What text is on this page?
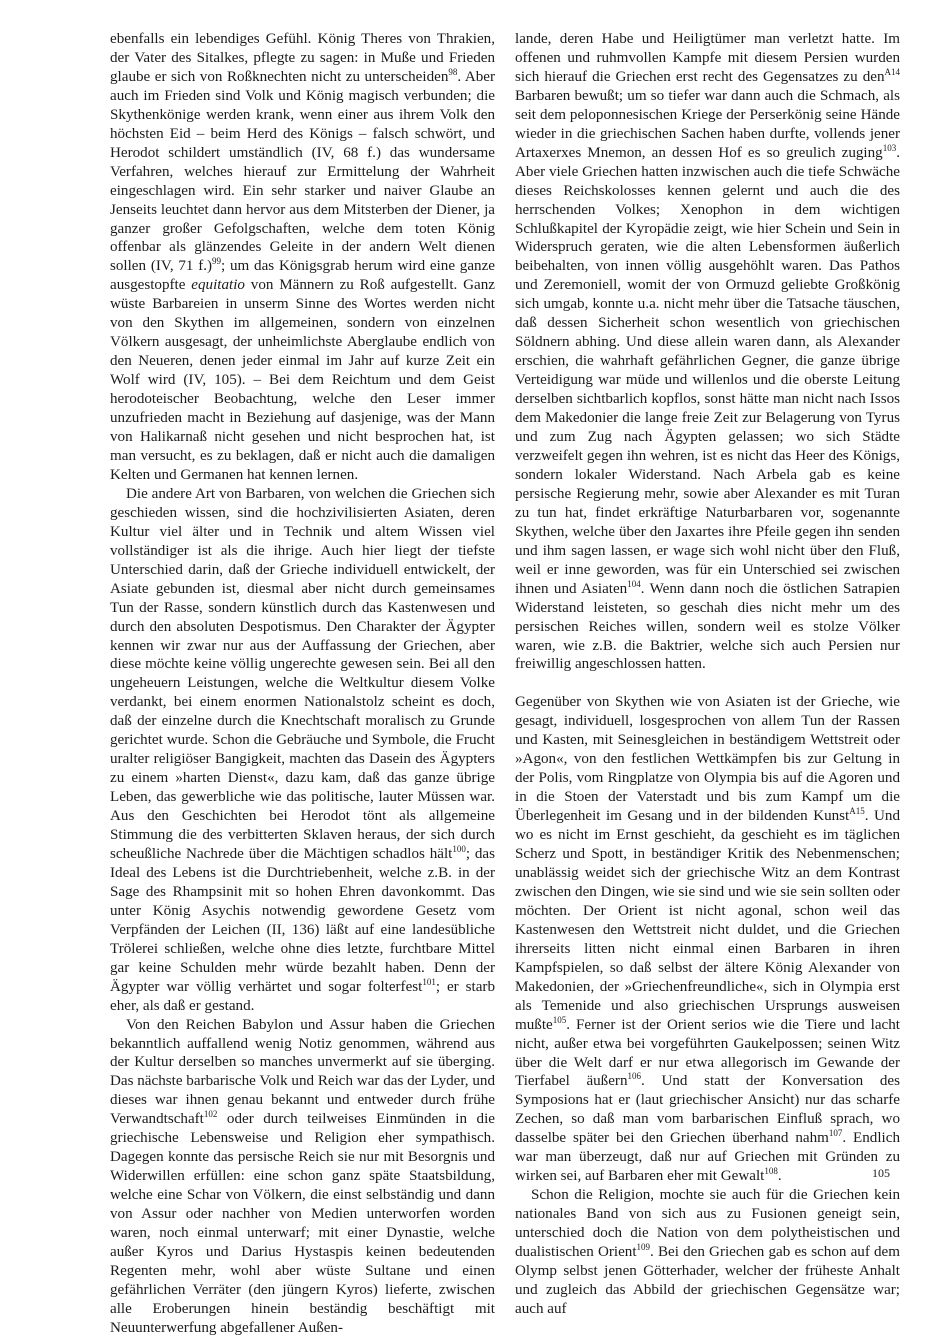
ebenfalls ein lebendiges Gefühl. König Theres von Thrakien, der Vater des Sitalkes, pflegte zu sagen: in Muße und Frieden glaube er sich von Roßknechten nicht zu unterscheiden$^{98}$. Aber auch im Frieden sind Volk und König magisch verbunden; die Skythenkönige werden krank, wenn einer aus ihrem Volk den höchsten Eid – beim Herd des Königs – falsch schwört, und Herodot schildert umständlich (IV, 68 f.) das wundersame Verfahren, welches hierauf zur Ermittelung der Wahrheit eingeschlagen wird. Ein sehr starker und naiver Glaube an Jenseits leuchtet dann hervor aus dem Mitsterben der Diener, ja ganzer großer Gefolgschaften, welche dem toten König offenbar als glänzendes Geleite in der andern Welt dienen sollen (IV, 71 f.)$^{99}$; um das Königsgrab herum wird eine ganze ausgestopfte equitatio von Männern zu Roß aufgestellt. Ganz wüste Barbareien in unserm Sinne des Wortes werden nicht von den Skythen im allgemeinen, sondern von einzelnen Völkern ausgesagt, der unheimlichste Aberglaube endlich von den Neueren, denen jeder einmal im Jahr auf kurze Zeit ein Wolf wird (IV, 105). – Bei dem Reichtum und dem Geist herodoteischer Beobachtung, welche den Leser immer unzufrieden macht in Beziehung auf dasjenige, was der Mann von Halikarnaß nicht gesehen und nicht besprochen hat, ist man versucht, es zu beklagen, daß er nicht auch die damaligen Kelten und Germanen hat kennen lernen.

Die andere Art von Barbaren, von welchen die Griechen sich geschieden wissen, sind die hochzivilisierten Asiaten, deren Kultur viel älter und in Technik und altem Wissen viel vollständiger ist als die ihrige. Auch hier liegt der tiefste Unterschied darin, daß der Grieche individuell entwickelt, der Asiate gebunden ist, diesmal aber nicht durch gemeinsames Tun der Rasse, sondern künstlich durch das Kastenwesen und durch den absoluten Despotismus. Den Charakter der Ägypter kennen wir zwar nur aus der Auffassung der Griechen, aber diese möchte keine völlig ungerechte gewesen sein. Bei all den ungeheuern Leistungen, welche die Weltkultur diesem Volke verdankt, bei einem enormen Nationalstolz scheint es doch, daß der einzelne durch die Knechtschaft moralisch zu Grunde gerichtet wurde. Schon die Gebräuche und Symbole, die Frucht uralter religiöser Bangigkeit, machten das Dasein des Ägypters zu einem »harten Dienst«, dazu kam, daß das ganze übrige Leben, das gewerbliche wie das politische, lauter Müssen war. Aus den Geschichten bei Herodot tönt als allgemeine Stimmung die des verbitterten Sklaven heraus, der sich durch scheußliche Nachrede über die Mächtigen schadlos hält$^{100}$; das Ideal des Lebens ist die Durchtriebenheit, welche z.B. in der Sage des Rhampsinit mit so hohen Ehren davonkommt. Das unter König Asychis notwendig gewordene Gesetz vom Verpfänden der Leichen (II, 136) läßt auf eine landesübliche Trölerei schließen, welche ohne dies letzte, furchtbare Mittel gar keine Schulden mehr würde bezahlt haben. Denn der Ägypter war völlig verhärtet und sogar folterfest$^{101}$; er starb eher, als daß er gestand.

Von den Reichen Babylon und Assur haben die Griechen bekanntlich auffallend wenig Notiz genommen, während aus der Kultur derselben so manches unvermerkt auf sie überging. Das nächste barbarische Volk und Reich war das der Lyder, und dieses war ihnen genau bekannt und entweder durch frühe Verwandtschaft$^{102}$ oder durch teilweises Einmünden in die griechische Lebensweise und Religion eher sympathisch. Dagegen konnte das persische Reich sie nur mit Besorgnis und Widerwillen erfüllen: eine schon ganz späte Staatsbildung, welche eine Schar von Völkern, die einst selbständig und dann von Assur oder nachher von Medien unterworfen worden waren, noch einmal unterwarf; mit einer Dynastie, welche außer Kyros und Darius Hystaspis keinen bedeutenden Regenten mehr, wohl aber wüste Sultane und einen gefährlichen Verräter (den jüngern Kyros) lieferte, zwischen alle Eroberungen hinein beständig beschäftigt mit Neuunterwerfung abgefallener Außen-

lande, deren Habe und Heiligtümer man verletzt hatte. Im offenen und ruhmvollen Kampfe mit diesem Persien wurden sich hierauf die Griechen erst recht des Gegensatzes zu den$^{A14}$ Barbaren bewußt; um so tiefer war dann auch die Schmach, als seit dem peloponnesischen Kriege der Perserkönig seine Hände wieder in die griechischen Sachen haben durfte, vollends jener Artaxerxes Mnemon, an dessen Hof es so greulich zuging$^{103}$. Aber viele Griechen hatten inzwischen auch die tiefe Schwäche dieses Reichskolosses kennen gelernt und auch die des herrschenden Volkes; Xenophon in dem wichtigen Schlußkapitel der Kyropädie zeigt, wie hier Schein und Sein in Widerspruch geraten, wie die alten Lebensformen äußerlich beibehalten, von innen völlig ausgehöhlt waren. Das Pathos und Zeremoniell, womit der von Ormuzd geliebte Großkönig sich umgab, konnte u.a. nicht mehr über die Tatsache täuschen, daß dessen Sicherheit schon wesentlich von griechischen Söldnern abhing. Und diese allein waren dann, als Alexander erschien, die wahrhaft gefährlichen Gegner, die ganze übrige Verteidigung war müde und willenlos und die oberste Leitung derselben sichtbarlich kopflos, sonst hätte man nicht nach Issos dem Makedonier die lange freie Zeit zur Belagerung von Tyrus und zum Zug nach Ägypten gelassen; wo sich Städte verzweifelt gegen ihn wehren, ist es nicht das Heer des Königs, sondern lokaler Widerstand. Nach Arbela gab es keine persische Regierung mehr, sowie aber Alexander es mit Turan zu tun hat, findet erkräftige Naturbarbaren vor, sogenannte Skythen, welche über den Jaxartes ihre Pfeile gegen ihn senden und ihm sagen lassen, er wage sich wohl nicht über den Fluß, weil er inne geworden, was für ein Unterschied sei zwischen ihnen und Asiaten$^{104}$. Wenn dann noch die östlichen Satrapien Widerstand leisteten, so geschah dies nicht mehr um des persischen Reiches willen, sondern weil es stolze Völker waren, wie z.B. die Baktrier, welche sich auch Persien nur freiwillig angeschlossen hatten.

Gegenüber von Skythen wie von Asiaten ist der Grieche, wie gesagt, individuell, losgesprochen von allem Tun der Rassen und Kasten, mit Seinesgleichen in beständigem Wettstreit oder »Agon«, von den festlichen Wettkämpfen bis zur Geltung in der Polis, vom Ringplatze von Olympia bis auf die Agoren und in die Stoen der Vaterstadt und bis zum Kampf um die Überlegenheit im Gesang und in der bildenden Kunst$^{A15}$. Und wo es nicht im Ernst geschieht, da geschieht es im täglichen Scherz und Spott, in beständiger Kritik des Nebenmenschen; unablässig weidet sich der griechische Witz an dem Kontrast zwischen den Dingen, wie sie sind und wie sie sein sollten oder möchten. Der Orient ist nicht agonal, schon weil das Kastenwesen den Wettstreit nicht duldet, und die Griechen ihrerseits litten nicht einmal einen Barbaren in ihren Kampfspielen, so daß selbst der ältere König Alexander von Makedonien, der »Griechenfreundliche«, sich in Olympia erst als Temenide und also griechischen Ursprungs ausweisen mußte$^{105}$. Ferner ist der Orient serios wie die Tiere und lacht nicht, außer etwa bei vorgeführten Gaukelpossen; seinen Witz über die Welt darf er nur etwa allegorisch im Gewande der Tierfabel äußern$^{106}$. Und statt der Konversation des Symposions hat er (laut griechischer Ansicht) nur das scharfe Zechen, so daß man vom barbarischen Einfluß sprach, wo dasselbe später bei den Griechen überhand nahm$^{107}$. Endlich war man überzeugt, daß nur auf Griechen mit Gründen zu wirken sei, auf Barbaren eher mit Gewalt$^{108}$.

Schon die Religion, mochte sie auch für die Griechen kein nationales Band von sich aus zu Fusionen geneigt sein, unterschied doch die Nation von dem polytheistischen und dualistischen Orient$^{109}$. Bei den Griechen gab es schon auf dem Olymp selbst jenen Götterhader, welcher der früheste Anhalt und zugleich das Abbild der griechischen Gegensätze war; auch auf

105
